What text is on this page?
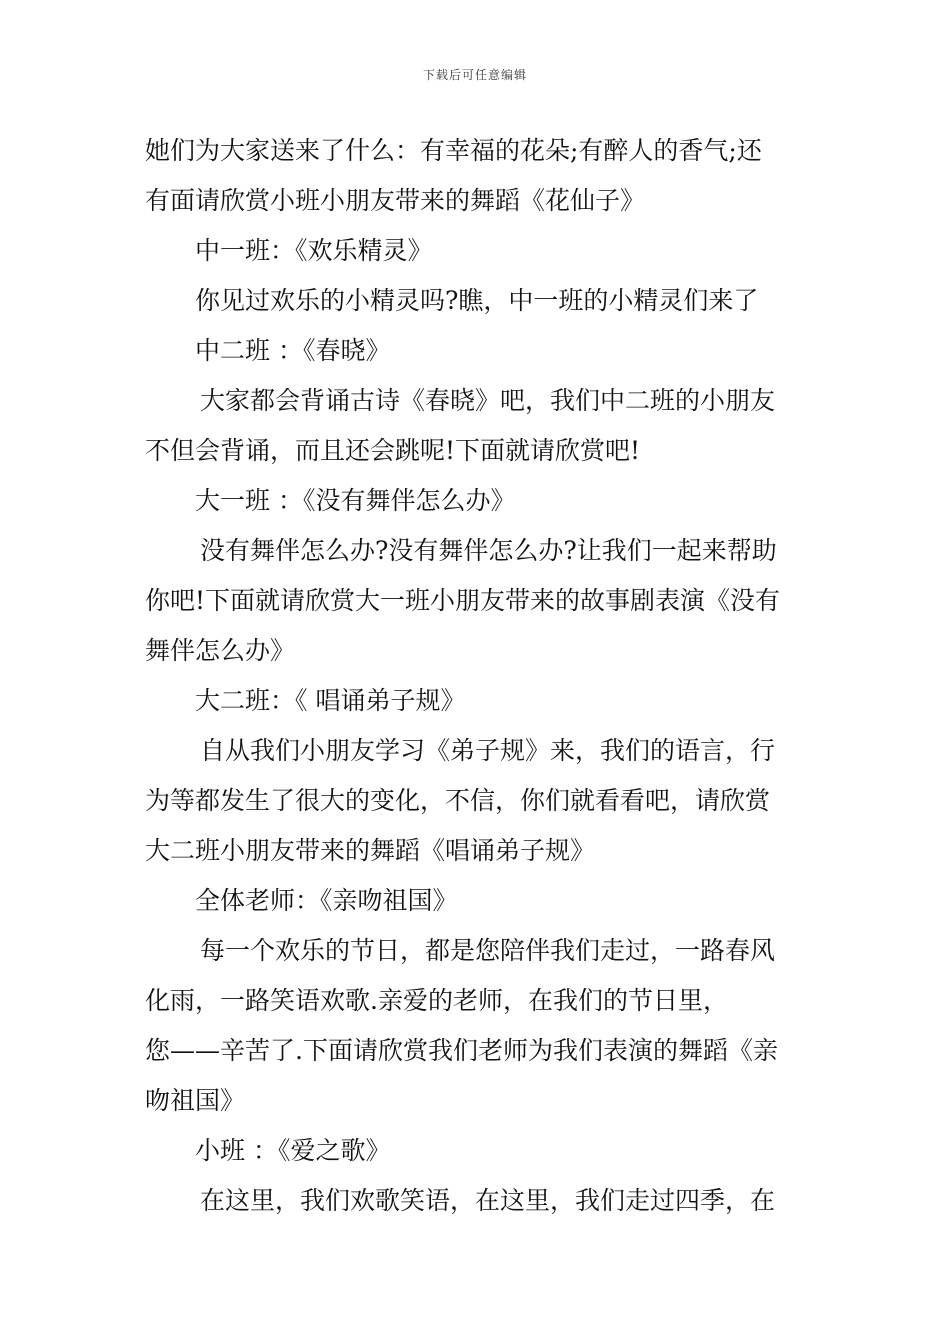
下载后可任意编辑
她们为大家送来了什么：有幸福的花朵;有醉人的香气;还
有面请欣赏小班小朋友带来的舞蹈《花仙子》
中一班：《欢乐精灵》
你见过欢乐的小精灵吗?瞧，中一班的小精灵们来了
中二班 ：《春晓》
大家都会背诵古诗《春晓》吧，我们中二班的小朋友
不但会背诵，而且还会跳呢!下面就请欣赏吧!
大一班 ：《没有舞伴怎么办》
没有舞伴怎么办?没有舞伴怎么办?让我们一起来帮助
你吧!下面就请欣赏大一班小朋友带来的故事剧表演《没有
舞伴怎么办》
大二班：《 唱诵弟子规》
自从我们小朋友学习《弟子规》来，我们的语言，行
为等都发生了很大的变化，不信，你们就看看吧，请欣赏
大二班小朋友带来的舞蹈《唱诵弟子规》
全体老师：《亲吻祖国》
每一个欢乐的节日，都是您陪伴我们走过，一路春风
化雨，一路笑语欢歌.亲爱的老师，在我们的节日里，
您——辛苦了.下面请欣赏我们老师为我们表演的舞蹈《亲
吻祖国》
小班 ：《爱之歌》
在这里，我们欢歌笑语，在这里，我们走过四季，在
